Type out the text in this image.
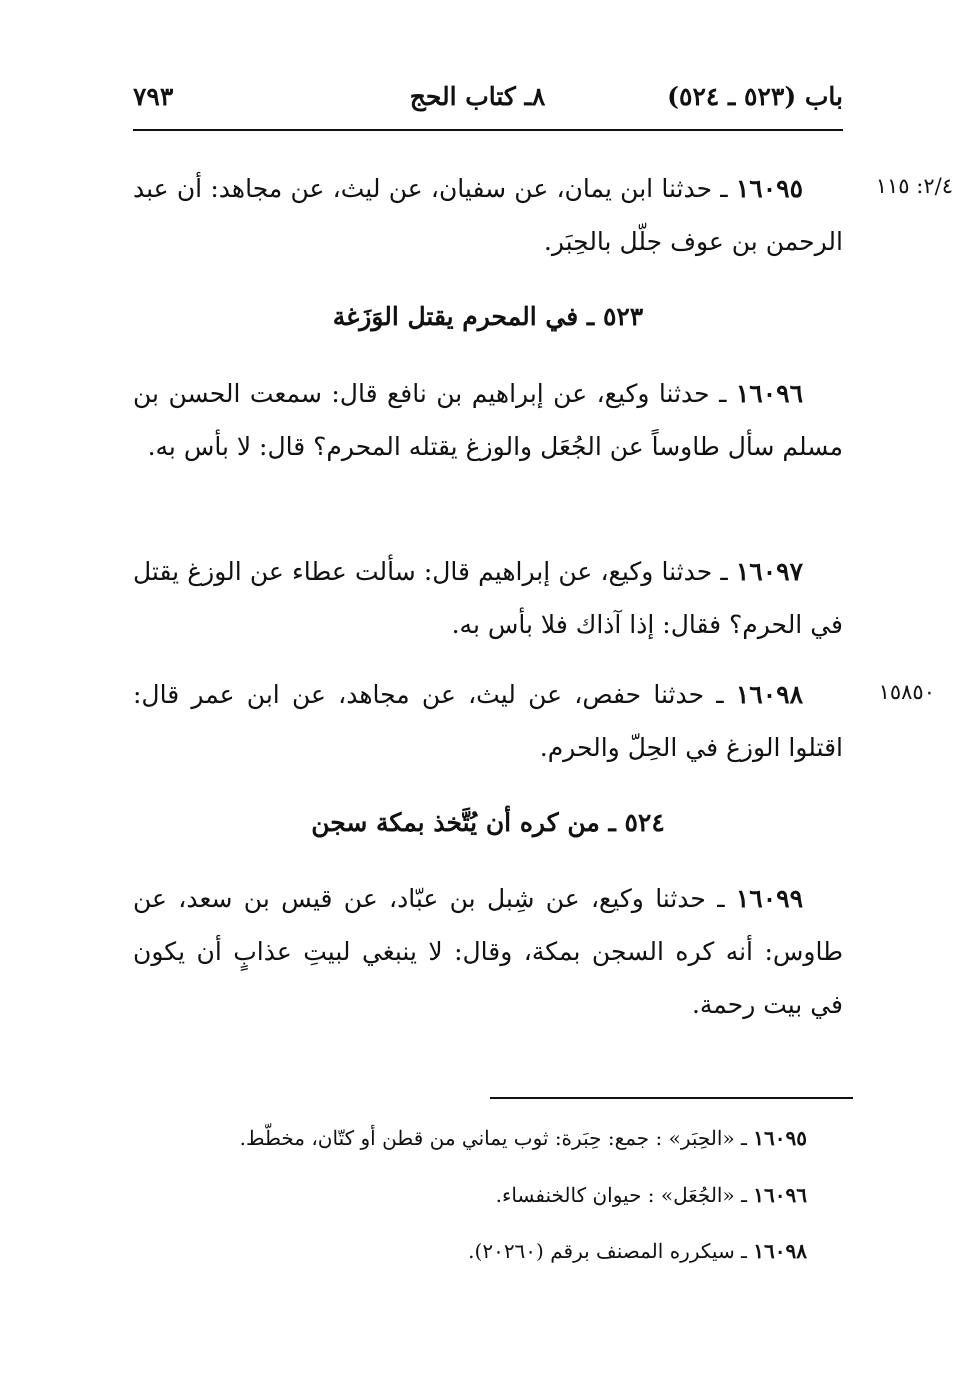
باب (٥٢٣ ـ ٥٢٤)
٨ـ كتاب الحج
٧٩٣
٢/٤: ١١٥
١٥٨٥٠
١٦٠٩٥ ـ حدثنا ابن يمان، عن سفيان، عن ليث، عن مجاهد: أن عبد الرحمن بن عوف جلّل بالحِبَر.
٥٢٣ ـ في المحرم يقتل الوَزَغة
١٦٠٩٦ ـ حدثنا وكيع، عن إبراهيم بن نافع قال: سمعت الحسن بن مسلم سأل طاوساً عن الجُعَل والوزغ يقتله المحرم؟ قال: لا بأس به.
١٦٠٩٧ ـ حدثنا وكيع، عن إبراهيم قال: سألت عطاء عن الوزغ يقتل في الحرم؟ فقال: إذا آذاك فلا بأس به.
١٦٠٩٨ ـ حدثنا حفص، عن ليث، عن مجاهد، عن ابن عمر قال: اقتلوا الوزغ في الحِلّ والحرم.
٥٢٤ ـ من كره أن يُتَّخذ بمكة سجن
١٦٠٩٩ ـ حدثنا وكيع، عن شِبل بن عبّاد، عن قيس بن سعد، عن طاوس: أنه كره السجن بمكة، وقال: لا ينبغي لبيتِ عذابٍ أن يكون في بيت رحمة.
١٦٠٩٥ ـ «الحِبَر» : جمع: حِبَرة: ثوب يماني من قطن أو كتّان، مخطّط.
١٦٠٩٦ ـ «الجُعَل» : حيوان كالخنفساء.
١٦٠٩٨ ـ سيكرره المصنف برقم (٢٠٢٦٠).
